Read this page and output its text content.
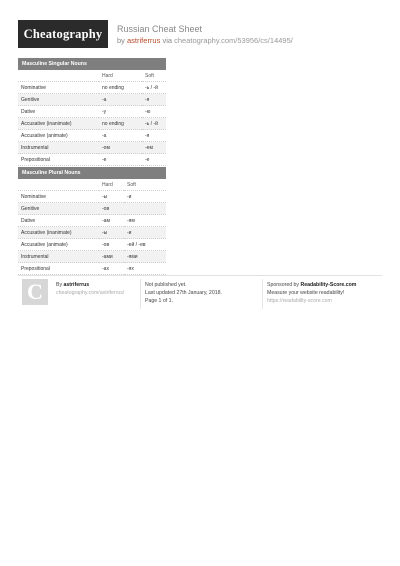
Cheatography	Russian Cheat Sheet
by astriferrus via cheatography.com/53956/cs/14495/
Masculine Singular Nouns
	Hard	Soft
Nominative	no ending	-ь / -й
Genitive	-а	-я
Dative	-у	-ю
Accusative (inanimate)	no ending	-ь / -й
Accusative (animate)	-а	-я
Instrumental	-ом	-ем
Prepositional	-е	-е
Masculine Plural Nouns
	Hard	Soft
Nominative	-ы	-и
Genitive	-ов	
Dative	-ам	-ям
Accusative (inanimate)	-ы	-и
Accusative (animate)	-ов	-ей / -ев
Instrumental	-ами	-ями
Prepositional	-ах	-ях
C	By astriferrus
cheatography.com/astriferrus/
Not published yet.
Last updated 27th January, 2018.
Page 1 of 1.
Sponsored by Readability-Score.com
Measure your website readability!
https://readability-score.com
